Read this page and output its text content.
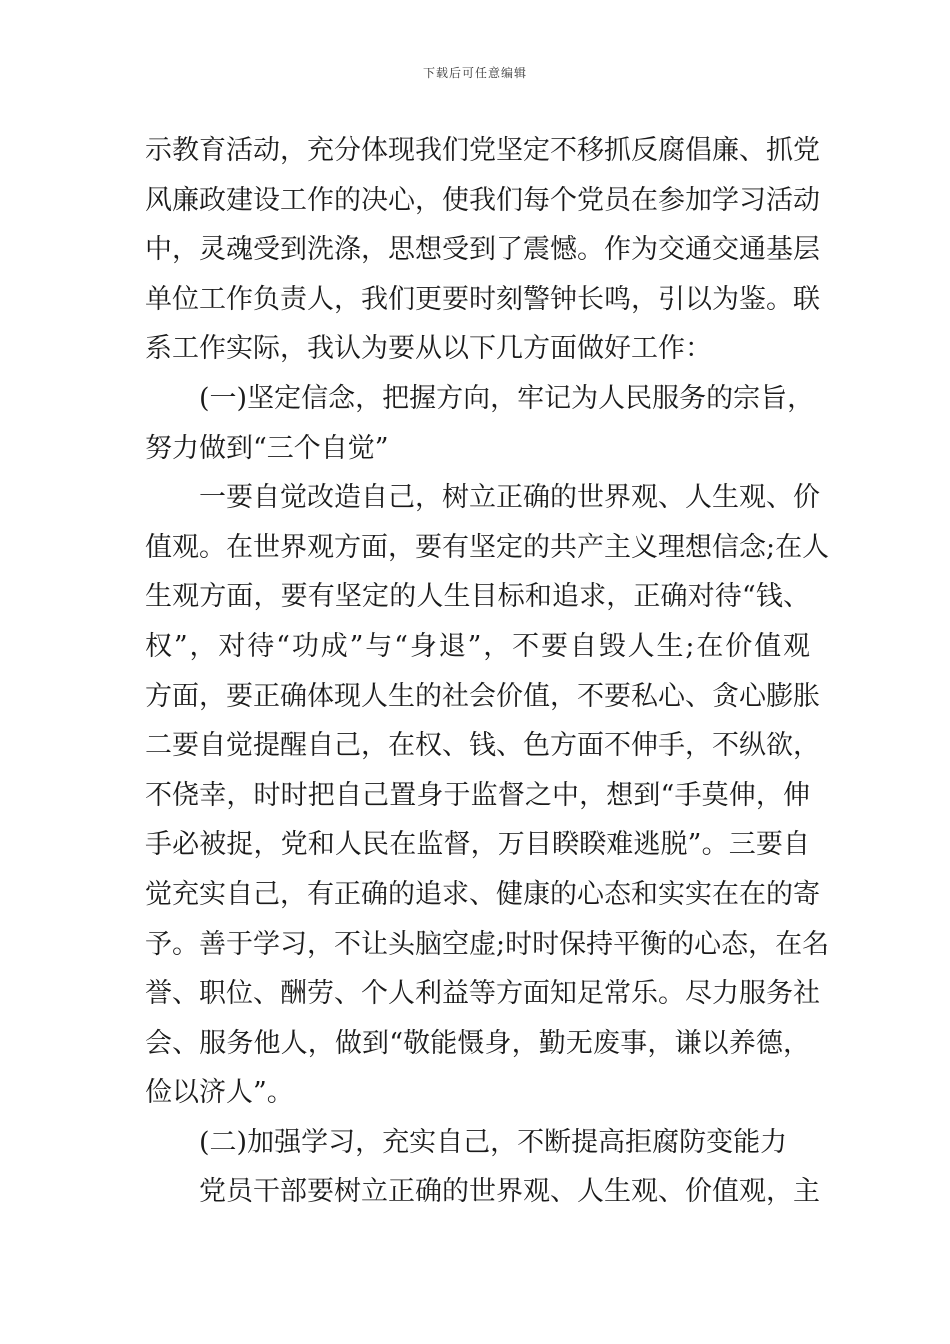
下载后可任意编辑
示教育活动，充分体现我们党坚定不移抓反腐倡廉、抓党
风廉政建设工作的决心，使我们每个党员在参加学习活动
中，灵魂受到洗涤，思想受到了震憾。作为交通交通基层
单位工作负责人，我们更要时刻警钟长鸣，引以为鉴。联
系工作实际，我认为要从以下几方面做好工作：
(一)坚定信念，把握方向，牢记为人民服务的宗旨，
努力做到“三个自觉”
一要自觉改造自己，树立正确的世界观、人生观、价
值观。在世界观方面，要有坚定的共产主义理想信念;在人
生观方面，要有坚定的人生目标和追求，正确对待“钱、
权”，对待“功成”与“身退”，不要自毁人生;在价值观
方面，要正确体现人生的社会价值，不要私心、贪心膨胀
二要自觉提醒自己，在权、钱、色方面不伸手，不纵欲，
不侥幸，时时把自己置身于监督之中，想到“手莫伸，伸
手必被捉，党和人民在监督，万目睽睽难逃脱”。三要自
觉充实自己，有正确的追求、健康的心态和实实在在的寄
予。善于学习，不让头脑空虚;时时保持平衡的心态，在名
誉、职位、酬劳、个人利益等方面知足常乐。尽力服务社
会、服务他人，做到“敬能慑身，勤无废事，谦以养德，
俭以济人”。
(二)加强学习，充实自己，不断提高拒腐防变能力
党员干部要树立正确的世界观、人生观、价值观，主
